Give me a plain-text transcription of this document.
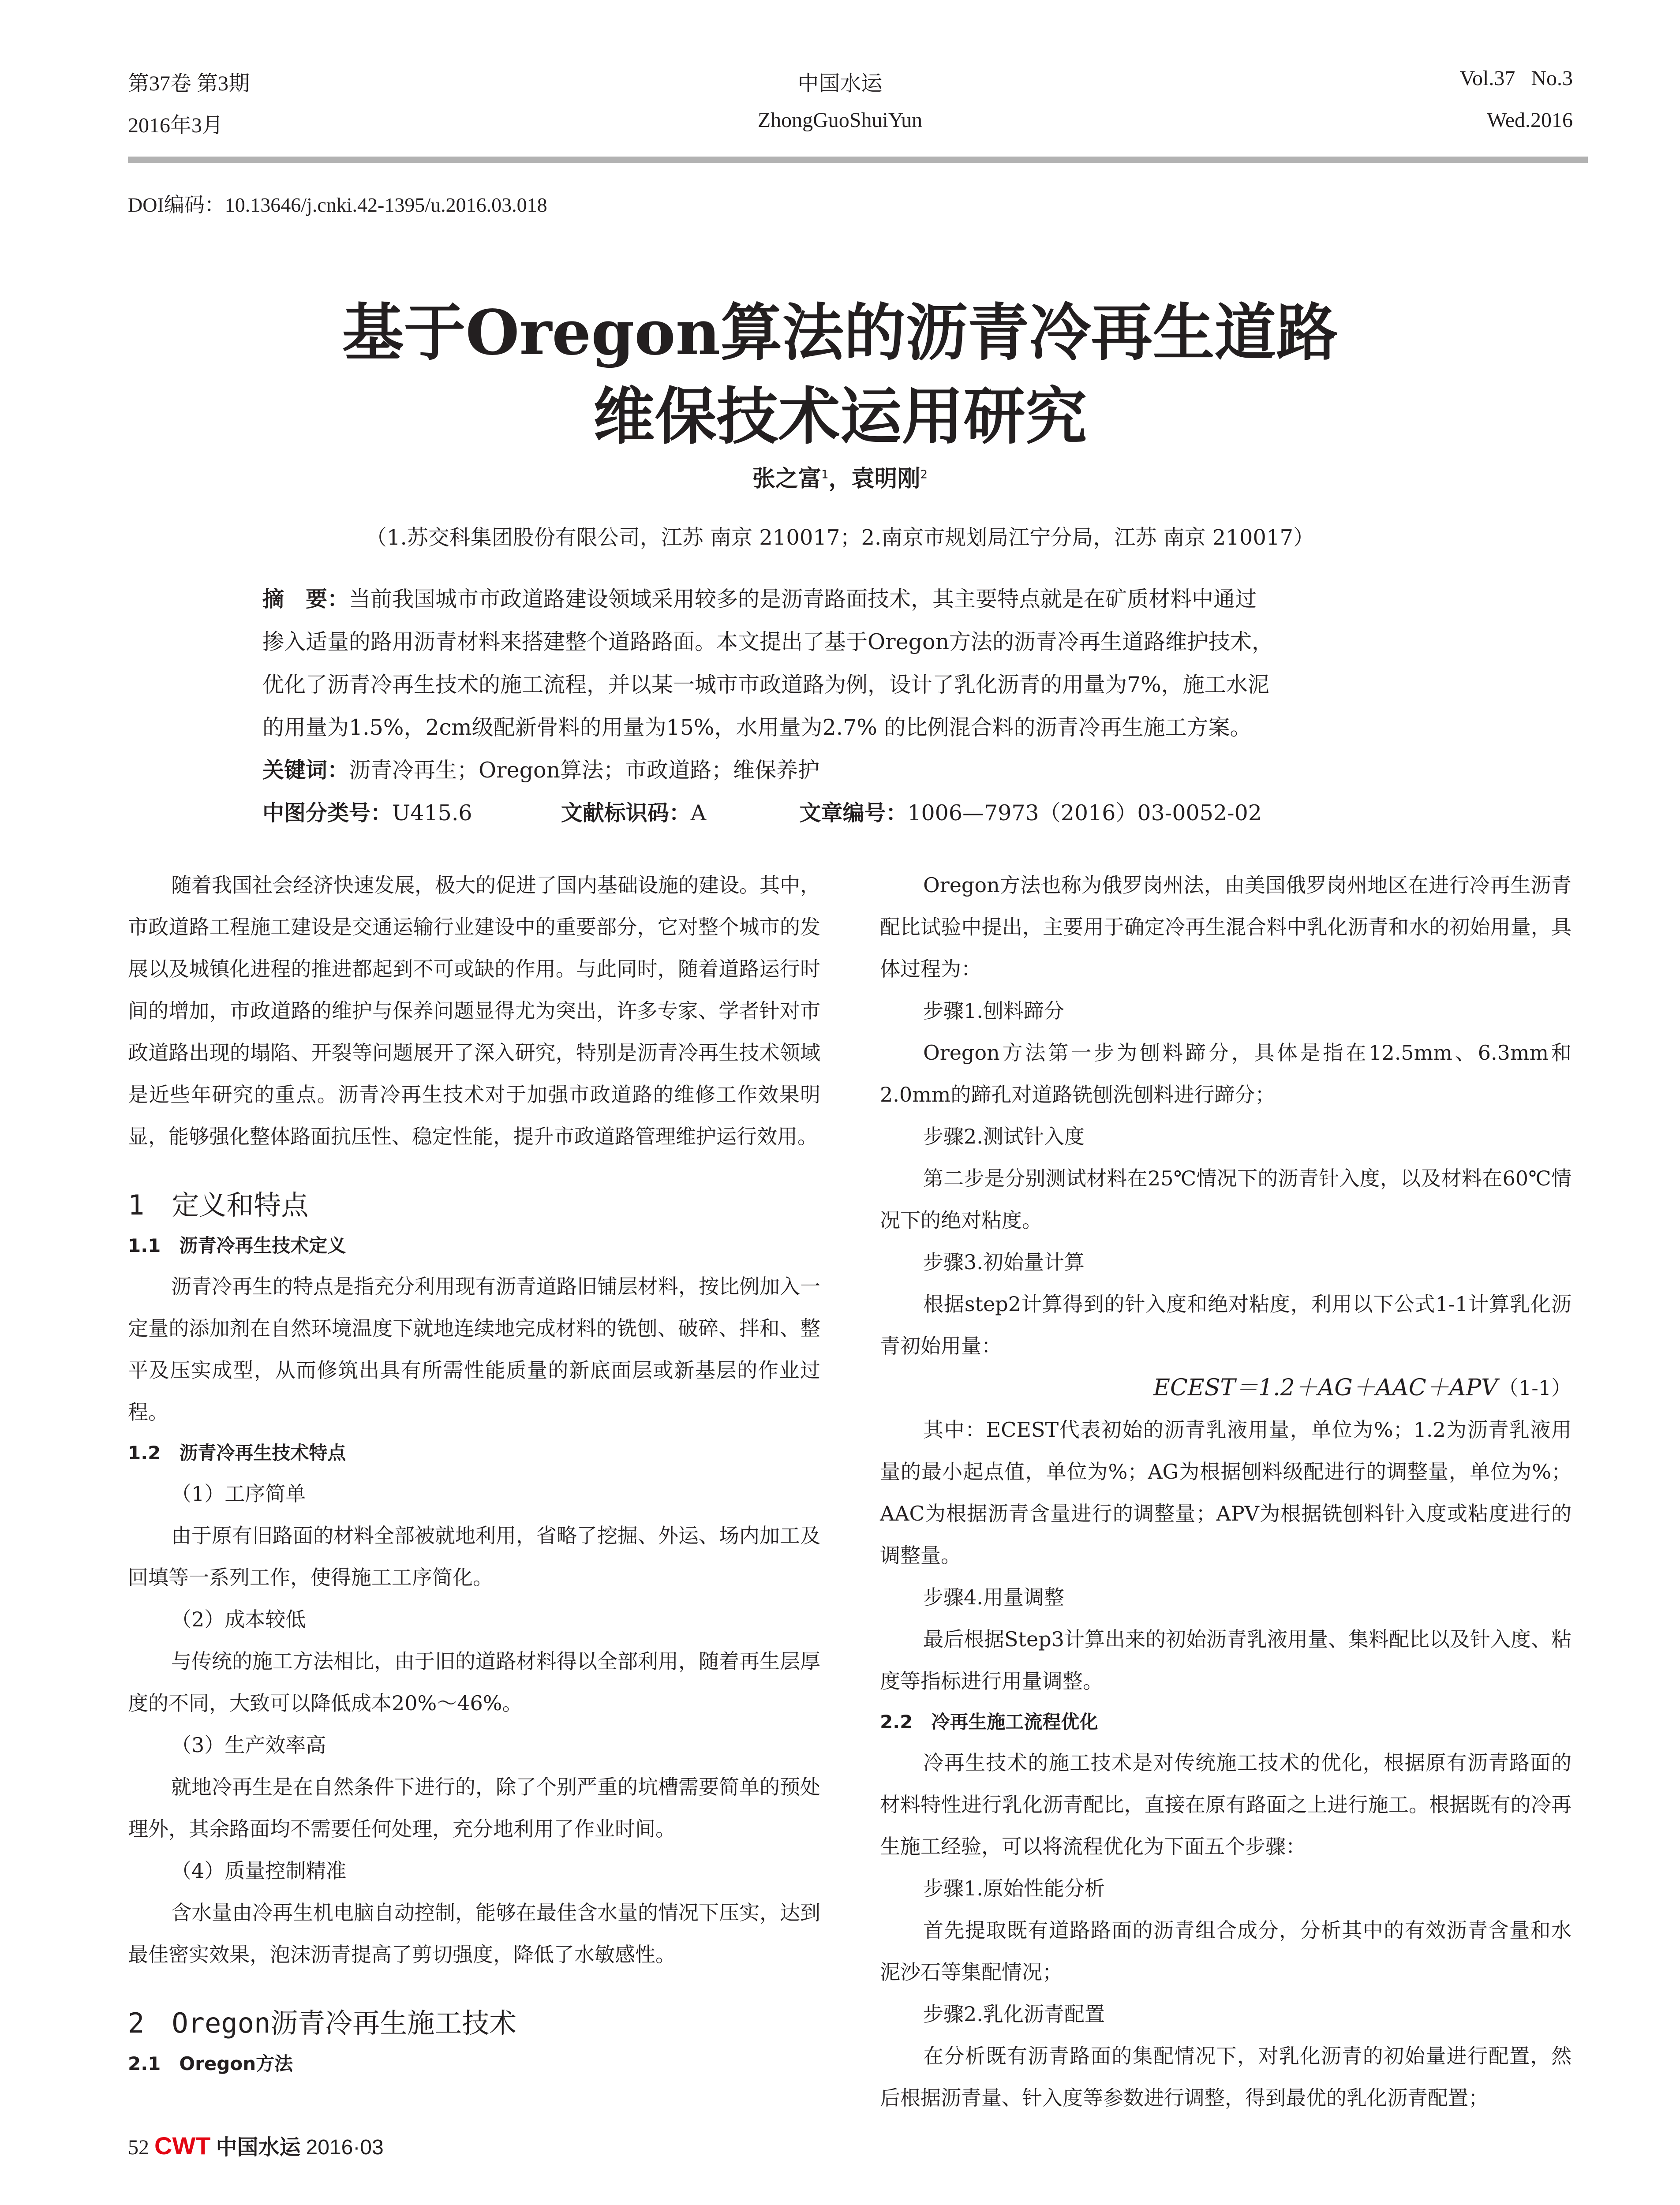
第37卷 第3期
2016年3月
中国水运
ZhongGuoShuiYun
Vol.37   No.3
Wed.2016
DOI编码：10.13646/j.cnki.42-1395/u.2016.03.018
基于Oregon算法的沥青冷再生道路
维保技术运用研究
张之富$^1$，袁明刚$^2$
（1.苏交科集团股份有限公司，江苏 南京 210017；2.南京市规划局江宁分局，江苏 南京 210017）
摘　要：当前我国城市市政道路建设领域采用较多的是沥青路面技术，其主要特点就是在矿质材料中通过
掺入适量的路用沥青材料来搭建整个道路路面。本文提出了基于Oregon方法的沥青冷再生道路维护技术，
优化了沥青冷再生技术的施工流程，并以某一城市市政道路为例，设计了乳化沥青的用量为7%，施工水泥
的用量为1.5%，2cm级配新骨料的用量为15%，水用量为2.7% 的比例混合料的沥青冷再生施工方案。
关键词：沥青冷再生；Oregon算法；市政道路；维保养护
中图分类号：U415.6	文献标识码：A	文章编号：1006—7973（2016）03-0052-02

随着我国社会经济快速发展，极大的促进了国内基础设施的建设。其中，市政道路工程施工建设是交通运输行业建设中的重要部分，它对整个城市的发展以及城镇化进程的推进都起到不可或缺的作用。与此同时，随着道路运行时间的增加，市政道路的维护与保养问题显得尤为突出，许多专家、学者针对市政道路出现的塌陷、开裂等问题展开了深入研究，特别是沥青冷再生技术领域是近些年研究的重点。沥青冷再生技术对于加强市政道路的维修工作效果明显，能够强化整体路面抗压性、稳定性能，提升市政道路管理维护运行效用。

1　定义和特点

1.1　沥青冷再生技术定义

沥青冷再生的特点是指充分利用现有沥青道路旧铺层材料，按比例加入一定量的添加剂在自然环境温度下就地连续地完成材料的铣刨、破碎、拌和、整平及压实成型，从而修筑出具有所需性能质量的新底面层或新基层的作业过程。

1.2　沥青冷再生技术特点

（1）工序简单

由于原有旧路面的材料全部被就地利用，省略了挖掘、外运、场内加工及回填等一系列工作，使得施工工序简化。

（2）成本较低

与传统的施工方法相比，由于旧的道路材料得以全部利用，随着再生层厚度的不同，大致可以降低成本20%～46%。

（3）生产效率高

就地冷再生是在自然条件下进行的，除了个别严重的坑槽需要简单的预处理外，其余路面均不需要任何处理，充分地利用了作业时间。

（4）质量控制精准

含水量由冷再生机电脑自动控制，能够在最佳含水量的情况下压实，达到最佳密实效果，泡沫沥青提高了剪切强度，降低了水敏感性。

2　Oregon沥青冷再生施工技术

2.1　Oregon方法

Oregon方法也称为俄罗岗州法，由美国俄罗岗州地区在进行冷再生沥青配比试验中提出，主要用于确定冷再生混合料中乳化沥青和水的初始用量，具体过程为：

步骤1.刨料蹄分

Oregon方法第一步为刨料蹄分，具体是指在12.5mm、6.3mm和2.0mm的蹄孔对道路铣刨洗刨料进行蹄分；

步骤2.测试针入度

第二步是分别测试材料在25℃情况下的沥青针入度，以及材料在60℃情况下的绝对粘度。

步骤3.初始量计算

根据step2计算得到的针入度和绝对粘度，利用以下公式1-1计算乳化沥青初始用量：

ECEST＝1.2＋AG＋AAC＋APV （1-1）

其中：ECEST代表初始的沥青乳液用量，单位为%；1.2为沥青乳液用量的最小起点值，单位为%；AG为根据刨料级配进行的调整量，单位为%；AAC为根据沥青含量进行的调整量；APV为根据铣刨料针入度或粘度进行的调整量。

步骤4.用量调整

最后根据Step3计算出来的初始沥青乳液用量、集料配比以及针入度、粘度等指标进行用量调整。

2.2　冷再生施工流程优化

冷再生技术的施工技术是对传统施工技术的优化，根据原有沥青路面的材料特性进行乳化沥青配比，直接在原有路面之上进行施工。根据既有的冷再生施工经验，可以将流程优化为下面五个步骤：

步骤1.原始性能分析

首先提取既有道路路面的沥青组合成分，分析其中的有效沥青含量和水泥沙石等集配情况；

步骤2.乳化沥青配置

在分析既有沥青路面的集配情况下，对乳化沥青的初始量进行配置，然后根据沥青量、针入度等参数进行调整，得到最优的乳化沥青配置；

52 CWT 中国水运 2016·03
